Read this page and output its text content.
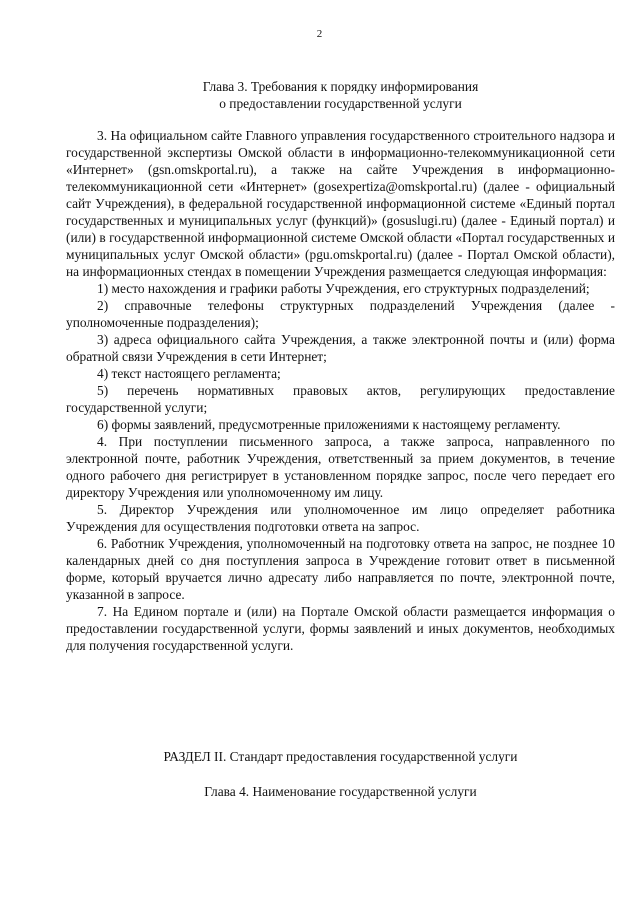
2
Глава 3. Требования к порядку информирования
о предоставлении государственной услуги

3. На официальном сайте Главного управления государственного строительного надзора и государственной экспертизы Омской области в информационно-телекоммуникационной сети «Интернет» (gsn.omskportal.ru), а также на сайте Учреждения в информационно-телекоммуникационной сети «Интернет» (gosexpertiza@omskportal.ru) (далее - официальный сайт Учреждения), в федеральной государственной информационной системе «Единый портал государственных и муниципальных услуг (функций)» (gosuslugi.ru) (далее - Единый портал) и (или) в государственной информационной системе Омской области «Портал государственных и муниципальных услуг Омской области» (pgu.omskportal.ru) (далее - Портал Омской области), на информационных стендах в помещении Учреждения размещается следующая информация:

1) место нахождения и графики работы Учреждения, его структурных подразделений;

2) справочные телефоны структурных подразделений Учреждения (далее - уполномоченные подразделения);

3) адреса официального сайта Учреждения, а также электронной почты и (или) форма обратной связи Учреждения в сети Интернет;

4) текст настоящего регламента;

5) перечень нормативных правовых актов, регулирующих предоставление государственной услуги;

6) формы заявлений, предусмотренные приложениями к настоящему регламенту.

4. При поступлении письменного запроса, а также запроса, направленного по электронной почте, работник Учреждения, ответственный за прием документов, в течение одного рабочего дня регистрирует в установленном порядке запрос, после чего передает его директору Учреждения или уполномоченному им лицу.

5. Директор Учреждения или уполномоченное им лицо определяет работника Учреждения для осуществления подготовки ответа на запрос.

6. Работник Учреждения, уполномоченный на подготовку ответа на запрос, не позднее 10 календарных дней со дня поступления запроса в Учреждение готовит ответ в письменной форме, который вручается лично адресату либо направляется по почте, электронной почте, указанной в запросе.

7. На Едином портале и (или) на Портале Омской области размещается информация о предоставлении государственной услуги, формы заявлений и иных документов, необходимых для получения государственной услуги.

РАЗДЕЛ II. Стандарт предоставления государственной услуги
Глава 4. Наименование государственной услуги
